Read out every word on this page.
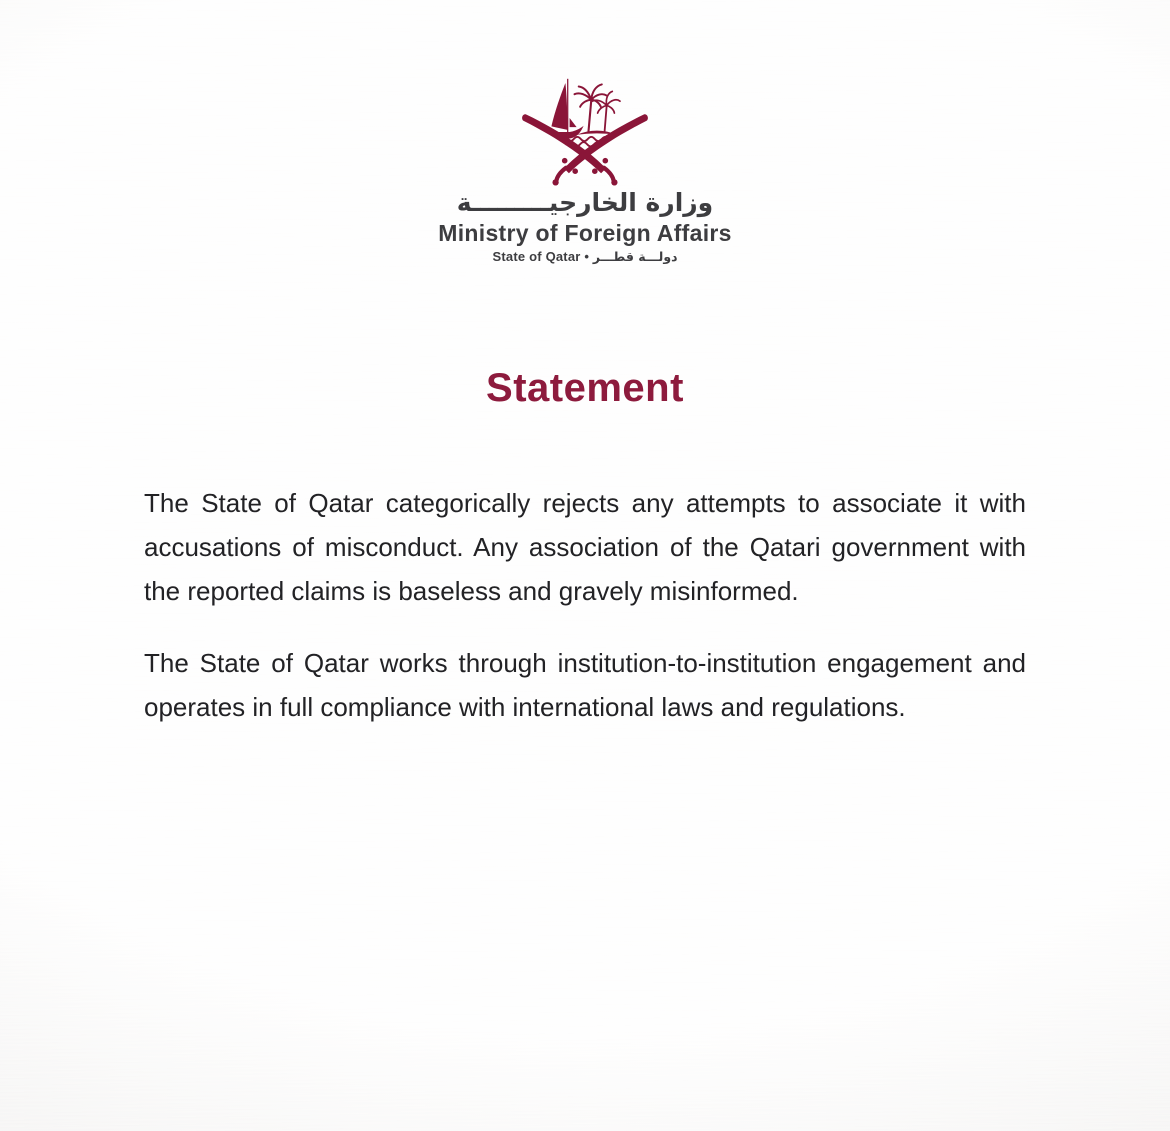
وزارة الخارجيـــــــــة
Ministry of Foreign Affairs
State of Qatar • دولـــة قطـــر
Statement

The State of Qatar categorically rejects any attempts to associate it with accusations of misconduct. Any association of the Qatari government with the reported claims is baseless and gravely misinformed.

The State of Qatar works through institution-to-institution engagement and operates in full compliance with international laws and regulations.
